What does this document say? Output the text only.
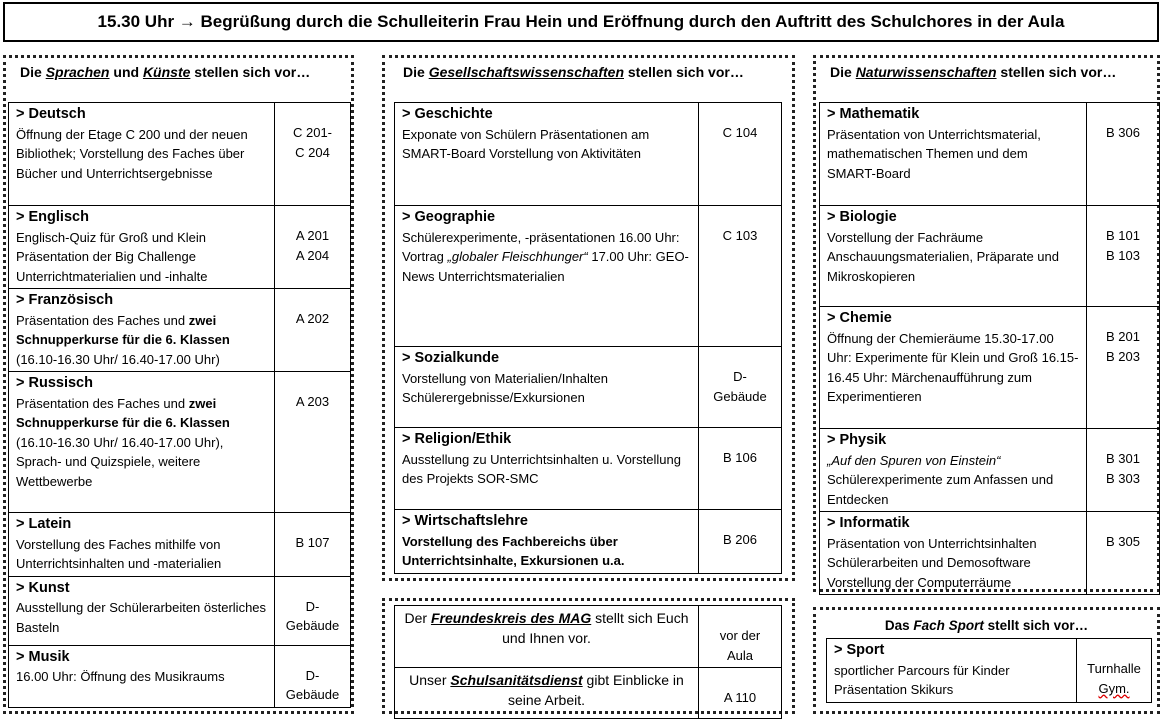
15.30 Uhr → Begrüßung durch die Schulleiterin Frau Hein und Eröffnung durch den Auftritt des Schulchores in der Aula
Die Sprachen und Künste stellen sich vor…
> Deutsch
Öffnung der Etage C 200 und der neuen Bibliothek; Vorstellung des Faches über Bücher und Unterrichtsergebnisse	C 201-
C 204

> Englisch
Englisch-Quiz für Groß und Klein Präsentation der Big Challenge Unterrichtmaterialien und -inhalte	A 201
A 204

> Französisch
Präsentation des Faches und zwei Schnupperkurse für die 6. Klassen (16.10-16.30 Uhr/ 16.40-17.00 Uhr)	A 202

> Russisch
Präsentation des Faches und zwei Schnupperkurse für die 6. Klassen (16.10-16.30 Uhr/ 16.40-17.00 Uhr), Sprach- und Quizspiele, weitere Wettbewerbe	A 203

> Latein
Vorstellung des Faches mithilfe von Unterrichtsinhalten und -materialien	B 107

> Kunst
Ausstellung der Schülerarbeiten österliches Basteln	D-
Gebäude

> Musik
16.00 Uhr: Öffnung des Musikraums	D-
Gebäude
Die Gesellschaftswissenschaften stellen sich vor…
> Geschichte
Exponate von Schülern Präsentationen am SMART-Board Vorstellung von Aktivitäten	C 104

> Geographie
Schülerexperimente, -präsentationen 16.00 Uhr: Vortrag „globaler Fleischhunger“ 17.00 Uhr: GEO-News Unterrichtsmaterialien	C 103

> Sozialkunde
Vorstellung von Materialien/Inhalten Schülerergebnisse/Exkursionen	D-
Gebäude

> Religion/Ethik
Ausstellung zu Unterrichtsinhalten u. Vorstellung des Projekts SOR-SMC	B 106

> Wirtschaftslehre
Vorstellung des Fachbereichs über Unterrichtsinhalte, Exkursionen u.a.	B 206
Der Freundeskreis des MAG stellt sich Euch und Ihnen vor.	vor der
Aula
Unser Schulsanitätsdienst gibt Einblicke in seine Arbeit.	A 110
Die Naturwissenschaften stellen sich vor…
> Mathematik
Präsentation von Unterrichtsmaterial, mathematischen Themen und dem SMART-Board	B 306

> Biologie
Vorstellung der Fachräume Anschauungsmaterialien, Präparate und Mikroskopieren	B 101
B 103

> Chemie
Öffnung der Chemieräume 15.30-17.00 Uhr: Experimente für Klein und Groß 16.15-16.45 Uhr: Märchenaufführung zum Experimentieren	B 201
B 203

> Physik
„Auf den Spuren von Einstein“ Schülerexperimente zum Anfassen und Entdecken	B 301
B 303

> Informatik
Präsentation von Unterrichtsinhalten Schülerarbeiten und Demosoftware Vorstellung der Computerräume	B 305
Das Fach Sport stellt sich vor…
> Sport
sportlicher Parcours für Kinder Präsentation Skikurs	Turnhalle
Gym.
